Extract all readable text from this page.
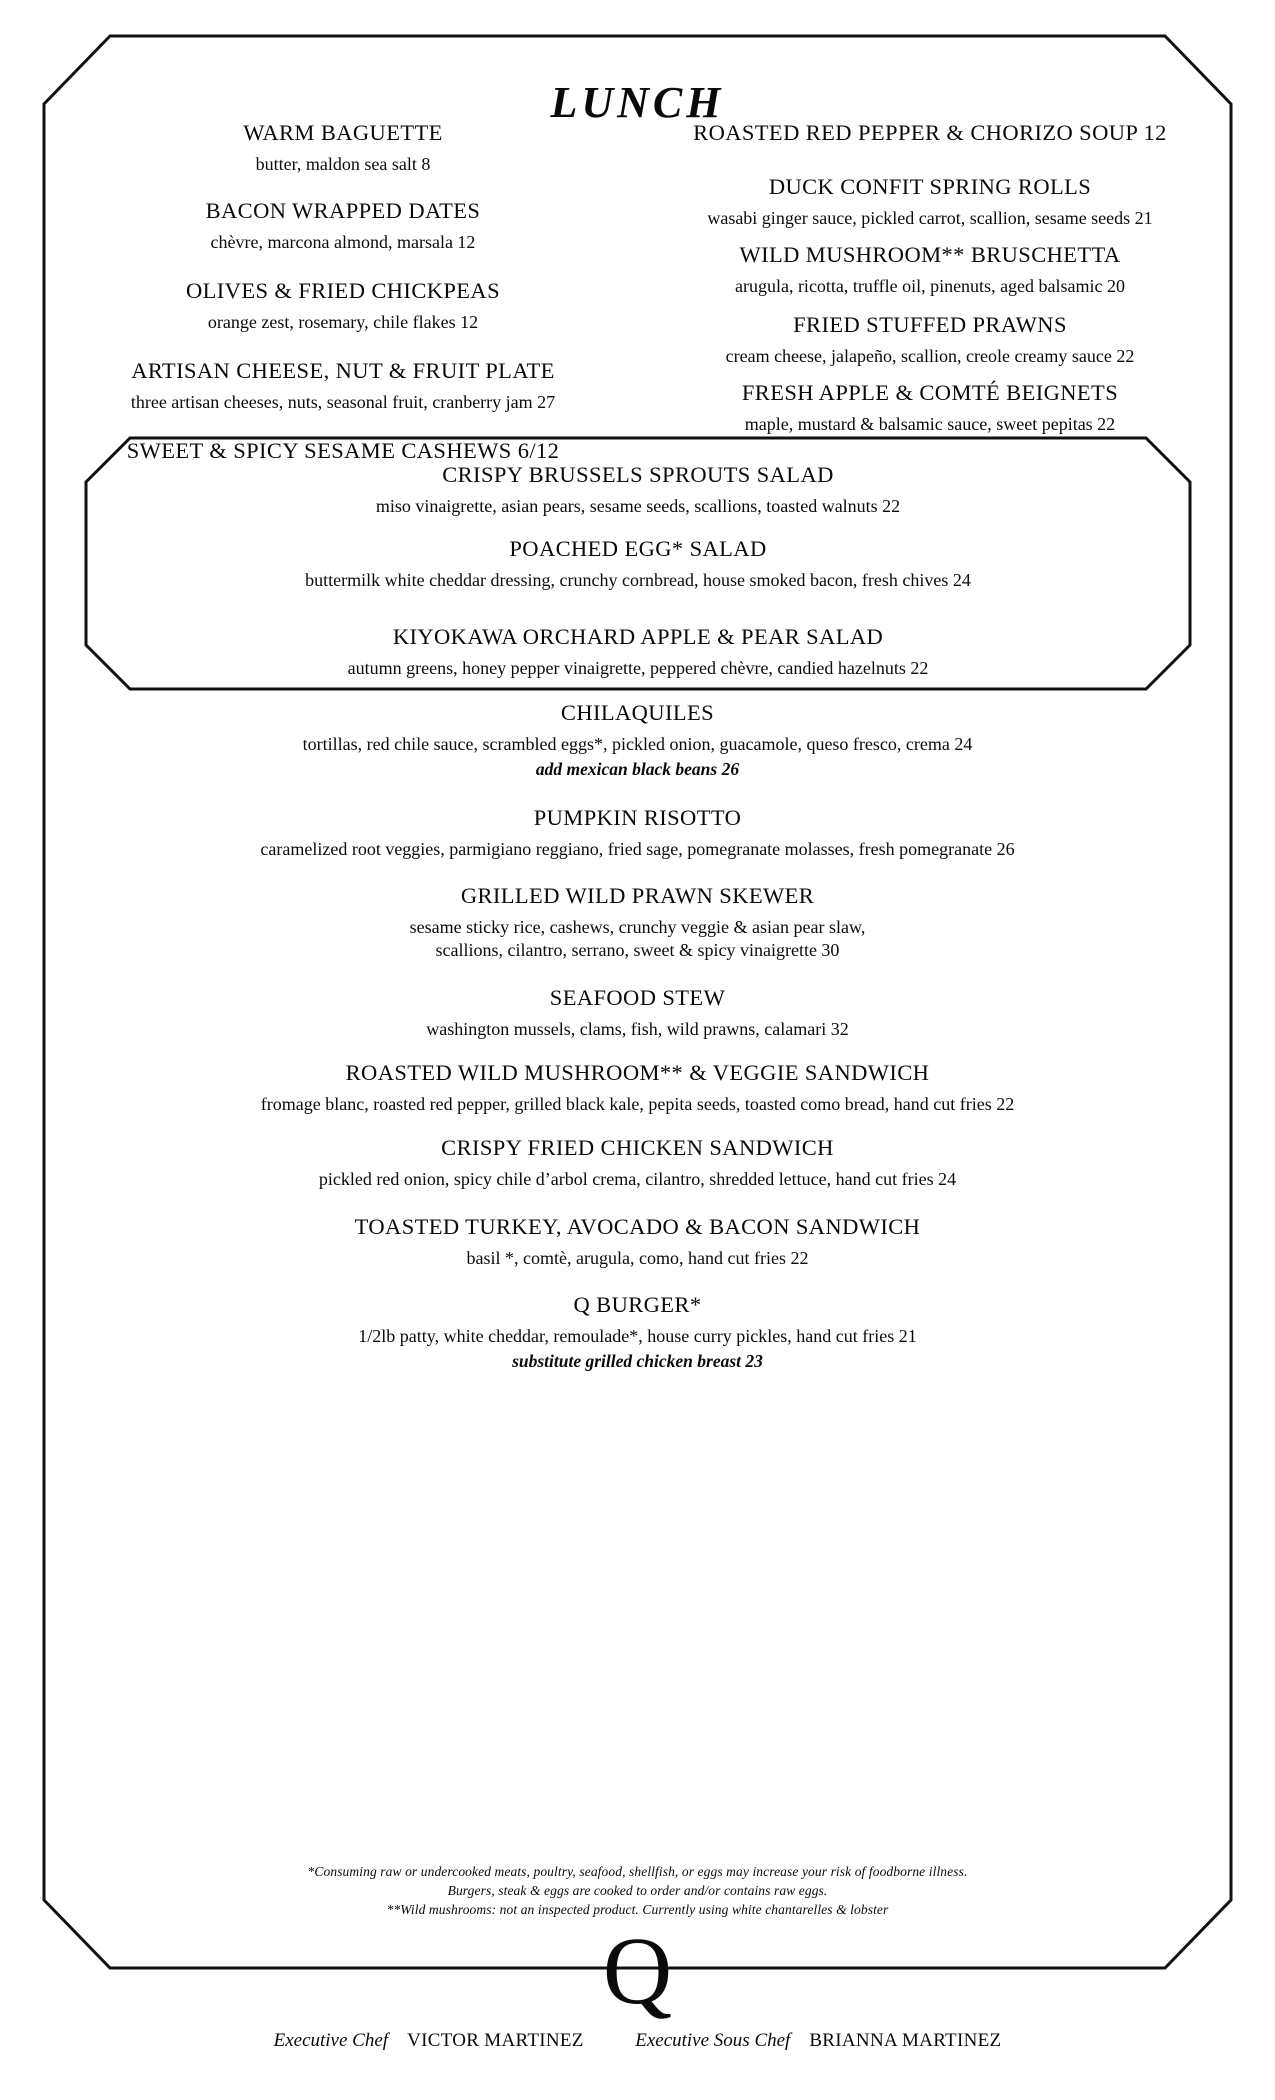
LUNCH
WARM BAGUETTE
butter, maldon sea salt 8
BACON WRAPPED DATES
chèvre, marcona almond, marsala 12
OLIVES & FRIED CHICKPEAS
orange zest, rosemary, chile flakes 12
ARTISAN CHEESE, NUT & FRUIT PLATE
three artisan cheeses, nuts, seasonal fruit, cranberry jam 27
SWEET & SPICY SESAME CASHEWS 6/12
ROASTED RED PEPPER & CHORIZO SOUP 12
DUCK CONFIT SPRING ROLLS
wasabi ginger sauce, pickled carrot, scallion, sesame seeds 21
WILD MUSHROOM** BRUSCHETTA
arugula, ricotta, truffle oil, pinenuts, aged balsamic 20
FRIED STUFFED PRAWNS
cream cheese, jalapeño, scallion, creole creamy sauce 22
FRESH APPLE & COMTÉ BEIGNETS
maple, mustard & balsamic sauce, sweet pepitas 22
CRISPY BRUSSELS SPROUTS SALAD
miso vinaigrette, asian pears, sesame seeds, scallions, toasted walnuts 22
POACHED EGG* SALAD
buttermilk white cheddar dressing, crunchy cornbread, house smoked bacon, fresh chives 24
KIYOKAWA ORCHARD APPLE & PEAR SALAD
autumn greens, honey pepper vinaigrette, peppered chèvre, candied hazelnuts 22
CHILAQUILES
tortillas, red chile sauce, scrambled eggs*, pickled onion, guacamole, queso fresco, crema 24
add mexican black beans 26
PUMPKIN RISOTTO
caramelized root veggies, parmigiano reggiano, fried sage, pomegranate molasses, fresh pomegranate 26
GRILLED WILD PRAWN SKEWER
sesame sticky rice, cashews, crunchy veggie & asian pear slaw,
scallions, cilantro, serrano, sweet & spicy vinaigrette 30
SEAFOOD STEW
washington mussels, clams, fish, wild prawns, calamari 32
ROASTED WILD MUSHROOM** & VEGGIE SANDWICH
fromage blanc, roasted red pepper, grilled black kale, pepita seeds, toasted como bread, hand cut fries 22
CRISPY FRIED CHICKEN SANDWICH
pickled red onion, spicy chile d’arbol crema, cilantro, shredded lettuce, hand cut fries 24
TOASTED TURKEY, AVOCADO & BACON SANDWICH
basil *, comtè, arugula, como, hand cut fries 22
Q BURGER*
1/2lb patty, white cheddar, remoulade*, house curry pickles, hand cut fries 21
substitute grilled chicken breast 23
*Consuming raw or undercooked meats, poultry, seafood, shellfish, or eggs may increase your risk of foodborne illness.
Burgers, steak & eggs are cooked to order and/or contains raw eggs.
**Wild mushrooms: not an inspected product. Currently using white chantarelles & lobster
Q
Executive Chef VICTOR MARTINEZ	Executive Sous Chef BRIANNA MARTINEZ
